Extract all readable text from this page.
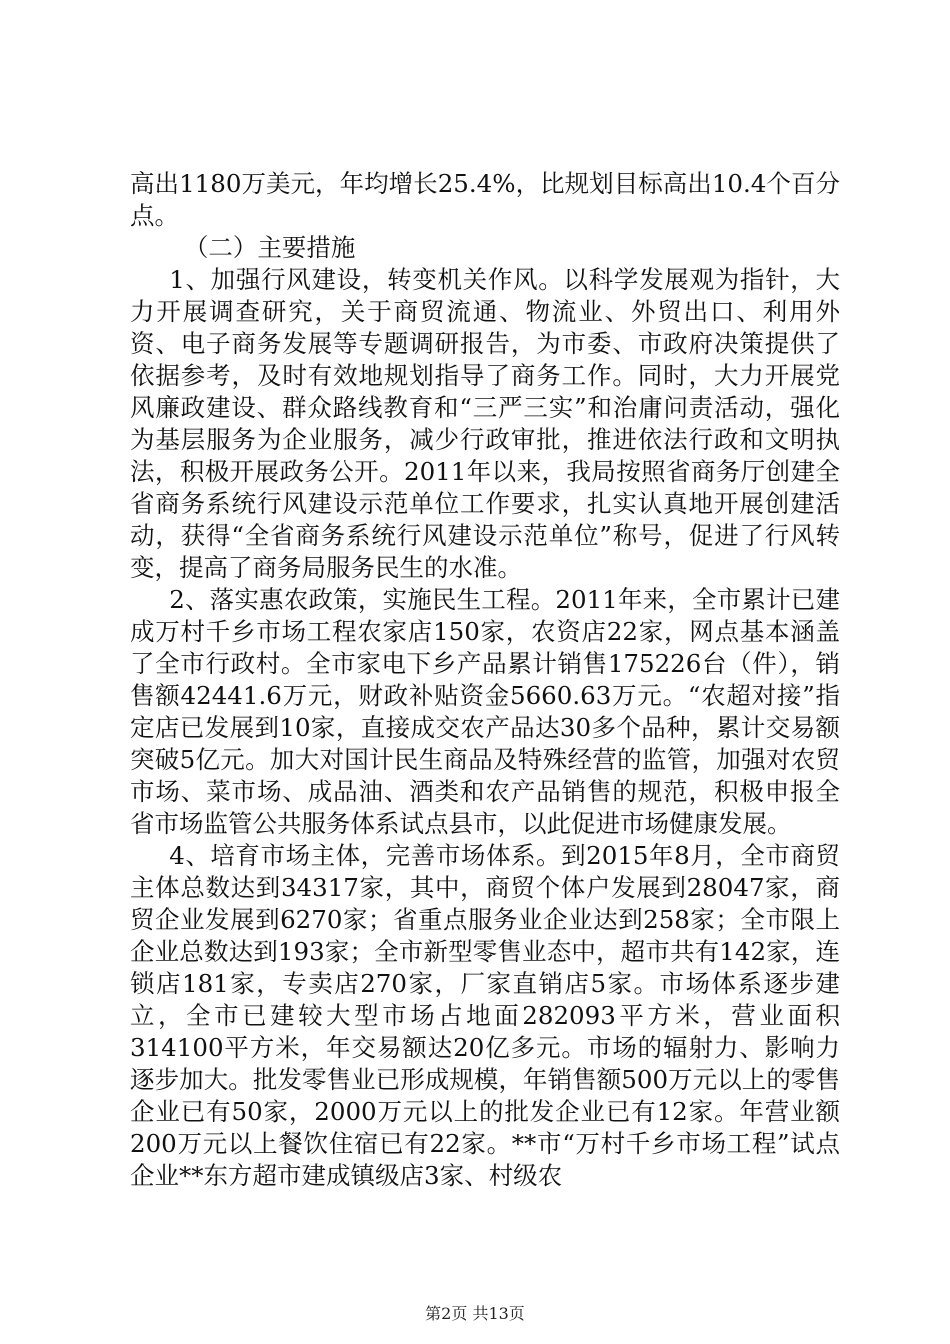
高出1180万美元，年均增长25.4%，比规划目标高出10.4个百分点。

（二）主要措施

1、加强行风建设，转变机关作风。以科学发展观为指针，大力开展调查研究，关于商贸流通、物流业、外贸出口、利用外资、电子商务发展等专题调研报告，为市委、市政府决策提供了依据参考，及时有效地规划指导了商务工作。同时，大力开展党风廉政建设、群众路线教育和“三严三实”和治庸问责活动，强化为基层服务为企业服务，减少行政审批，推进依法行政和文明执法，积极开展政务公开。2011年以来，我局按照省商务厅创建全省商务系统行风建设示范单位工作要求，扎实认真地开展创建活动，获得“全省商务系统行风建设示范单位”称号，促进了行风转变，提高了商务局服务民生的水准。

2、落实惠农政策，实施民生工程。2011年来，全市累计已建成万村千乡市场工程农家店150家，农资店22家，网点基本涵盖了全市行政村。全市家电下乡产品累计销售175226台（件），销售额42441.6万元，财政补贴资金5660.63万元。“农超对接”指定店已发展到10家，直接成交农产品达30多个品种，累计交易额突破5亿元。加大对国计民生商品及特殊经营的监管，加强对农贸市场、菜市场、成品油、酒类和农产品销售的规范，积极申报全省市场监管公共服务体系试点县市，以此促进市场健康发展。

4、培育市场主体，完善市场体系。到2015年8月，全市商贸主体总数达到34317家，其中，商贸个体户发展到28047家，商贸企业发展到6270家；省重点服务业企业达到258家；全市限上企业总数达到193家；全市新型零售业态中，超市共有142家，连锁店181家，专卖店270家，厂家直销店5家。市场体系逐步建立，全市已建较大型市场占地面282093平方米，营业面积314100平方米，年交易额达20亿多元。市场的辐射力、影响力逐步加大。批发零售业已形成规模，年销售额500万元以上的零售企业已有50家，2000万元以上的批发企业已有12家。年营业额200万元以上餐饮住宿已有22家。**市“万村千乡市场工程”试点企业**东方超市建成镇级店3家、村级农

第2页 共13页
